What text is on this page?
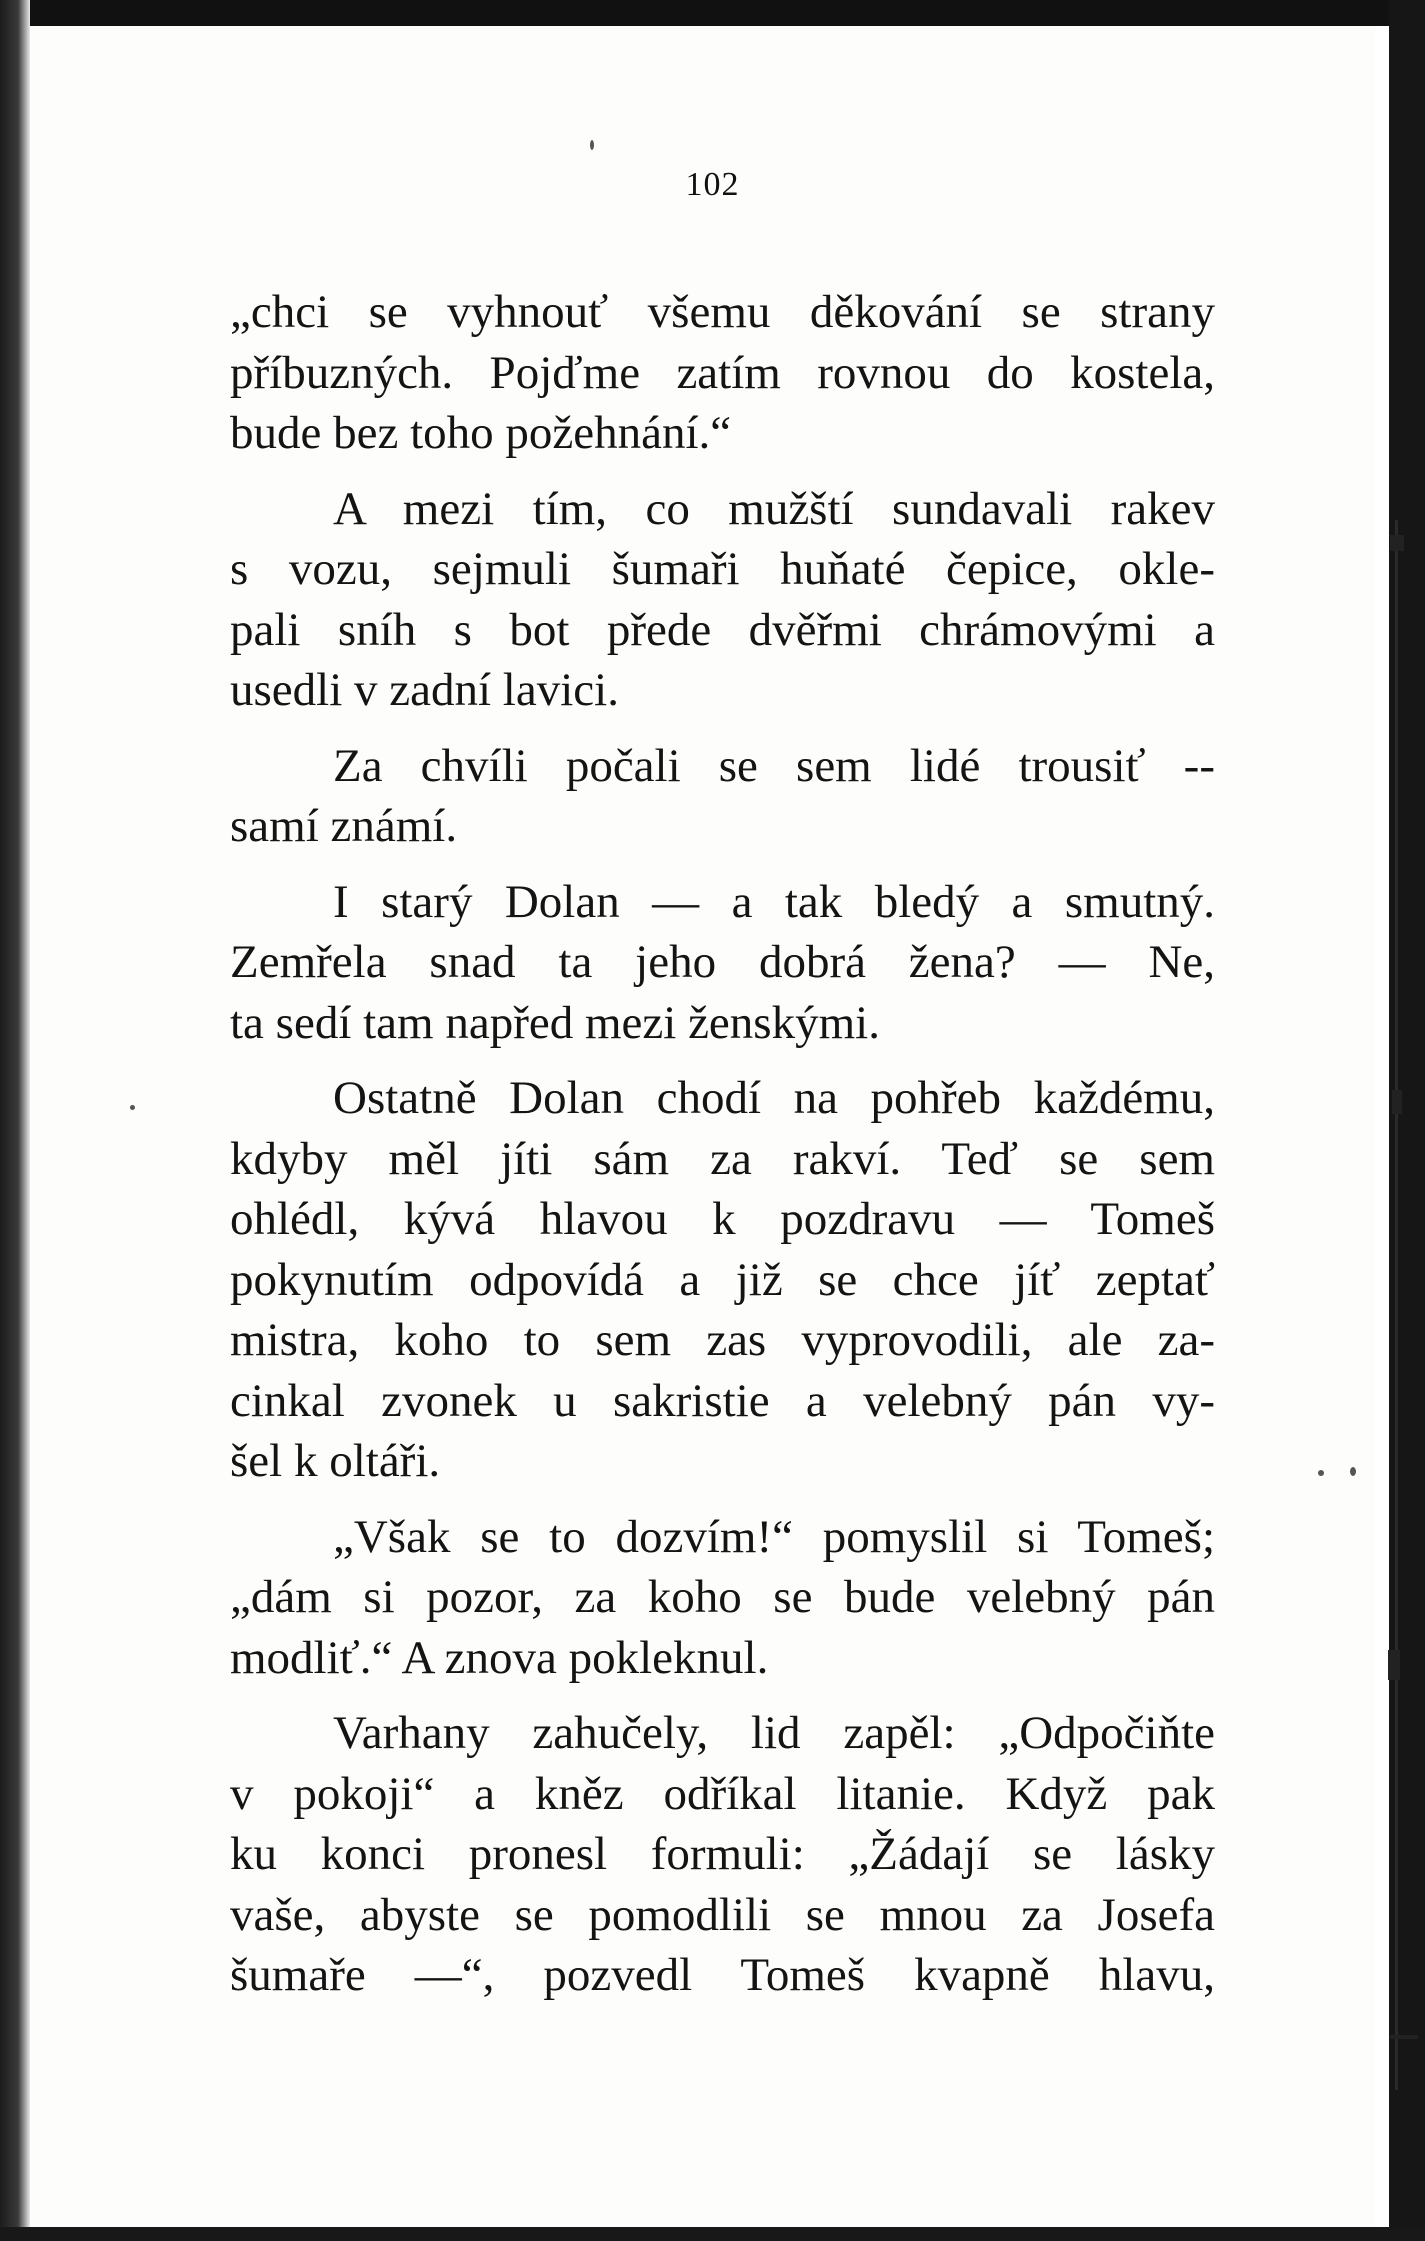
102
„chci se vyhnouť všemu děkování se strany
příbuzných. Pojďme zatím rovnou do kostela,
bude bez toho požehnání.“
A mezi tím, co mužští sundavali rakev
s vozu, sejmuli šumaři huňaté čepice, okle-
pali sníh s bot přede dvěřmi chrámovými a
usedli v zadní lavici.
Za chvíli počali se sem lidé trousiť --
samí známí.
I starý Dolan — a tak bledý a smutný.
Zemřela snad ta jeho dobrá žena? — Ne,
ta sedí tam napřed mezi ženskými.
Ostatně Dolan chodí na pohřeb každému,
kdyby měl jíti sám za rakví. Teď se sem
ohlédl, kývá hlavou k pozdravu — Tomeš
pokynutím odpovídá a již se chce jíť zeptať
mistra, koho to sem zas vyprovodili, ale za-
cinkal zvonek u sakristie a velebný pán vy-
šel k oltáři.
„Však se to dozvím!“ pomyslil si Tomeš;
„dám si pozor, za koho se bude velebný pán
modliť.“ A znova pokleknul.
Varhany zahučely, lid zapěl: „Odpočiňte
v pokoji“ a kněz odříkal litanie. Když pak
ku konci pronesl formuli: „Žádají se lásky
vaše, abyste se pomodlili se mnou za Josefa
šumaře —“, pozvedl Tomeš kvapně hlavu,
